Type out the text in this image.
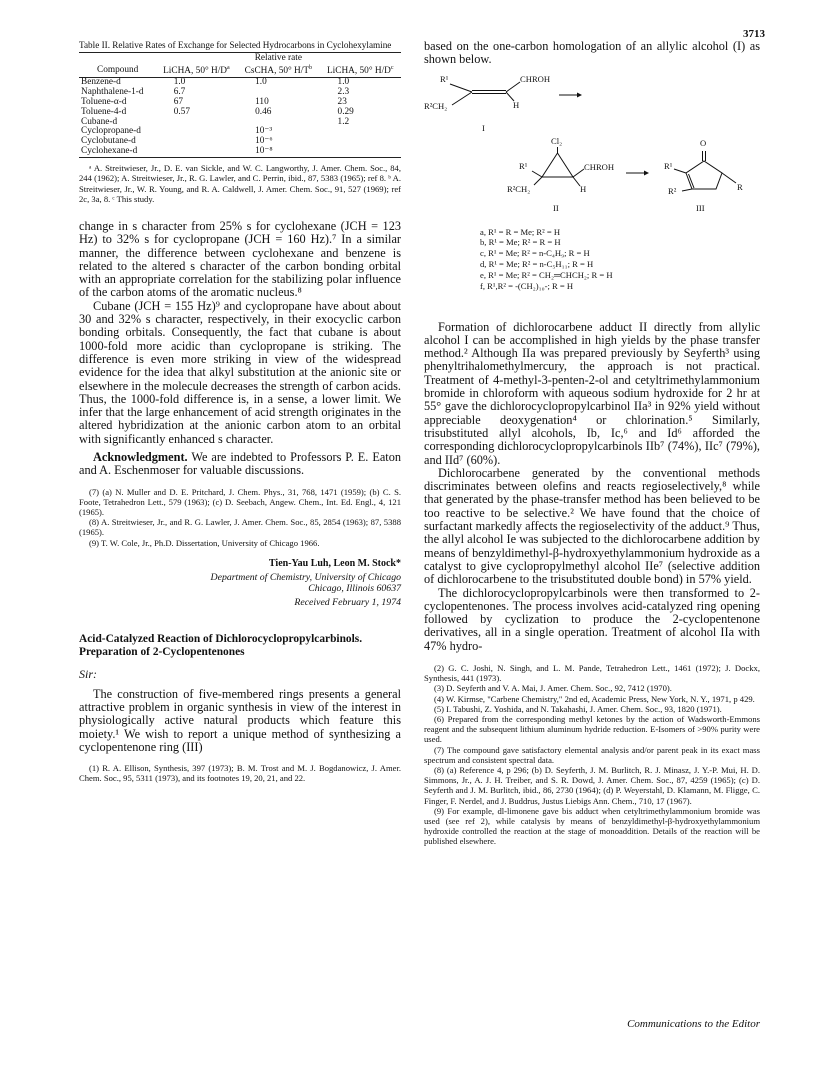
3713

Table II. Relative Rates of Exchange for Selected Hydrocarbons in Cyclohexylamine

		Relative rate	
Compound	LiCHA, 50° $H/D^a$	CsCHA, 50° $H/T^b$	LiCHA, 50° $H/D^c$
Benzene-d	1.0	1.0	1.0
Naphthalene-1-d	6.7		2.3
Toluene-α-d	67	110	23
Toluene-4-d	0.57	0.46	0.29
Cubane-d			1.2
Cyclopropane-d		10⁻³	
Cyclobutane-d		10⁻⁶	
Cyclohexane-d		10⁻⁸	

ᵃ A. Streitwieser, Jr., D. E. van Sickle, and W. C. Langworthy, J. Amer. Chem. Soc., 84, 244 (1962); A. Streitwieser, Jr., R. G. Lawler, and C. Perrin, ibid., 87, 5383 (1965); ref 8. ᵇ A. Streitwieser, Jr., W. R. Young, and R. A. Caldwell, J. Amer. Chem. Soc., 91, 527 (1969); ref 2c, 3a, 8. ᶜ This study.

change in s character from 25% s for cyclohexane (JCH = 123 Hz) to 32% s for cyclopropane (JCH = 160 Hz).⁷ In a similar manner, the difference between cyclohexane and benzene is related to the altered s character of the carbon bonding orbital with an appropriate correlation for the stabilizing polar influence of the carbon atoms of the aromatic nucleus.⁸

Cubane (JCH = 155 Hz)⁹ and cyclopropane have about about 30 and 32% s character, respectively, in their exocyclic carbon bonding orbitals. Consequently, the fact that cubane is about 1000-fold more acidic than cyclopropane is striking. The difference is even more striking in view of the widespread evidence for the idea that alkyl substitution at the anionic site or elsewhere in the molecule decreases the strength of carbon acids. Thus, the 1000-fold difference is, in a sense, a lower limit. We infer that the large enhancement of acid strength originates in the altered hybridization at the anionic carbon atom to an orbital with significantly enhanced s character.

Acknowledgment. We are indebted to Professors P. E. Eaton and A. Eschenmoser for valuable discussions.

(7) (a) N. Muller and D. E. Pritchard, J. Chem. Phys., 31, 768, 1471 (1959); (b) C. S. Foote, Tetrahedron Lett., 579 (1963); (c) D. Seebach, Angew. Chem., Int. Ed. Engl., 4, 121 (1965).

(8) A. Streitwieser, Jr., and R. G. Lawler, J. Amer. Chem. Soc., 85, 2854 (1963); 87, 5388 (1965).

(9) T. W. Cole, Jr., Ph.D. Dissertation, University of Chicago 1966.

Tien-Yau Luh, Leon M. Stock*

Department of Chemistry, University of Chicago

Chicago, Illinois 60637

Received February 1, 1974

Acid-Catalyzed Reaction of Dichlorocyclopropylcarbinols. Preparation of 2-Cyclopentenones

Sir:

The construction of five-membered rings presents a general attractive problem in organic synthesis in view of the interest in physiologically active natural products which feature this moiety.¹ We wish to report a unique method of synthesizing a cyclopentenone ring (III)

(1) R. A. Ellison, Synthesis, 397 (1973); B. M. Trost and M. J. Bogdanowicz, J. Amer. Chem. Soc., 95, 5311 (1973), and its footnotes 19, 20, 21, and 22.

based on the one-carbon homologation of an allylic alcohol (I) as shown below.

R¹
R²CH₂
CHROH
H
I
Cl₂
R¹
R²CH₂
CHROH
H
II
O
R¹
R²	R
III
a, R¹ = R = Me; R² = H
b, R¹ = Me; R² = R = H
c, R¹ = Me; R² = n-C₄H₉; R = H
d, R¹ = Me; R² = n-C₅H₁₁; R = H
e, R¹ = Me; R² = CH₂═CHCH₂; R = H
f, R¹,R² = -(CH₂)₁₀-; R = H

Formation of dichlorocarbene adduct II directly from allylic alcohol I can be accomplished in high yields by the phase transfer method.² Although IIa was prepared previously by Seyferth³ using phenyltrihalomethylmercury, the approach is not practical. Treatment of 4-methyl-3-penten-2-ol and cetyltrimethylammonium bromide in chloroform with aqueous sodium hydroxide for 2 hr at 55° gave the dichlorocyclopropylcarbinol IIa³ in 92% yield without appreciable deoxygenation⁴ or chlorination.⁵ Similarly, trisubstituted allyl alcohols, Ib, Ic,⁶ and Id⁶ afforded the corresponding dichlorocyclopropylcarbinols IIb⁷ (74%), IIc⁷ (79%), and IId⁷ (60%).

Dichlorocarbene generated by the conventional methods discriminates between olefins and reacts regioselectively,⁸ while that generated by the phase-transfer method has been believed to be too reactive to be selective.² We have found that the choice of surfactant markedly affects the regioselectivity of the adduct.⁹ Thus, the allyl alcohol Ie was subjected to the dichlorocarbene addition by means of benzyldimethyl-β-hydroxyethylammonium hydroxide as a catalyst to give cyclopropylmethyl alcohol IIe⁷ (selective addition of dichlorocarbene to the trisubstituted double bond) in 57% yield.

The dichlorocyclopropylcarbinols were then transformed to 2-cyclopentenones. The process involves acid-catalyzed ring opening followed by cyclization to produce the 2-cyclopentenone derivatives, all in a single operation. Treatment of alcohol IIa with 47% hydro-

(2) G. C. Joshi, N. Singh, and L. M. Pande, Tetrahedron Lett., 1461 (1972); J. Dockx, Synthesis, 441 (1973).

(3) D. Seyferth and V. A. Mai, J. Amer. Chem. Soc., 92, 7412 (1970).

(4) W. Kirmse, "Carbene Chemistry," 2nd ed, Academic Press, New York, N. Y., 1971, p 429.

(5) I. Tabushi, Z. Yoshida, and N. Takahashi, J. Amer. Chem. Soc., 93, 1820 (1971).

(6) Prepared from the corresponding methyl ketones by the action of Wadsworth-Emmons reagent and the subsequent lithium aluminum hydride reduction. E-Isomers of >90% purity were used.

(7) The compound gave satisfactory elemental analysis and/or parent peak in its exact mass spectrum and consistent spectral data.

(8) (a) Reference 4, p 296; (b) D. Seyferth, J. M. Burlitch, R. J. Minasz, J. Y.-P. Mui, H. D. Simmons, Jr., A. J. H. Treiber, and S. R. Dowd, J. Amer. Chem. Soc., 87, 4259 (1965); (c) D. Seyferth and J. M. Burlitch, ibid., 86, 2730 (1964); (d) P. Weyerstahl, D. Klamann, M. Fligge, C. Finger, F. Nerdel, and J. Buddrus, Justus Liebigs Ann. Chem., 710, 17 (1967).

(9) For example, dl-limonene gave bis adduct when cetyltrimethylammonium bromide was used (see ref 2), while catalysis by means of benzyldimethyl-β-hydroxyethylammonium hydroxide controlled the reaction at the stage of monoaddition. Details of the reaction will be published elsewhere.

Communications to the Editor
